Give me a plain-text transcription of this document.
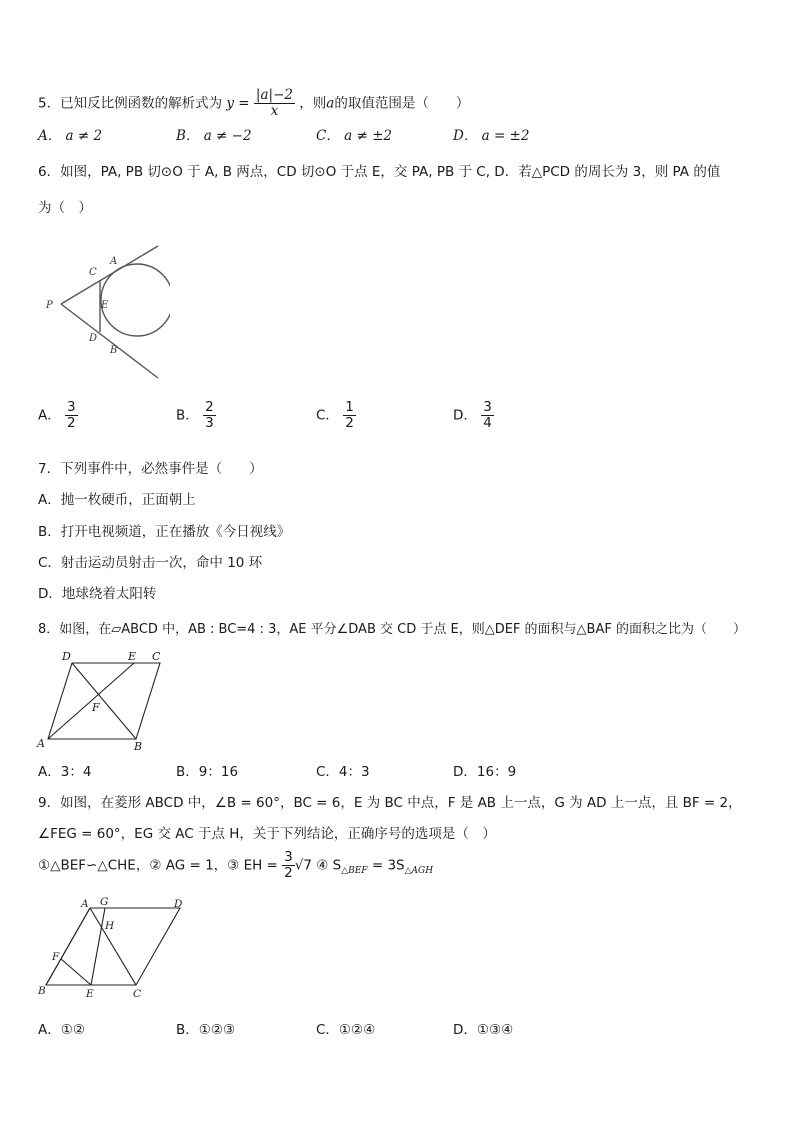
5．已知反比例函数的解析式为 $y = \frac{|a|-2}{x}$ ，则a的取值范围是（　　）
A． a ≠ 2	B． a ≠ −2	C． a ≠ ±2	D． a = ±2
6．如图，PA, PB 切⊙O 于 A, B 两点，CD 切⊙O 于点 E，交 PA, PB 于 C, D．若△PCD 的周长为 3，则 PA 的值
为（　）
P
C
A
E
D
B
A． $\frac{3}{2}$	B． $\frac{2}{3}$	C． $\frac{1}{2}$	D． $\frac{3}{4}$
7．下列事件中，必然事件是（　　）
A．抛一枚硬币，正面朝上
B．打开电视频道，正在播放《今日视线》
C．射击运动员射击一次，命中 10 环
D．地球绕着太阳转
8．如图，在▱ABCD 中，AB : BC=4 : 3，AE 平分∠DAB 交 CD 于点 E，则△DEF 的面积与△BAF 的面积之比为（　　）
D	E C
F
A	B
A．3：4	B．9：16	C．4：3	D．16：9
9．如图，在菱形 ABCD 中，∠B = 60°，BC = 6，E 为 BC 中点，F 是 AB 上一点，G 为 AD 上一点，且 BF = 2，
∠FEG = 60°，EG 交 AC 于点 H，关于下列结论，正确序号的选项是（　）
①△BEF∽△CHE，② AG = 1，③ EH = $\frac{3}{2} √7$ ④ $S_{\triangle BEF} = 3S_{\triangle AGH}$
A G	D
H
F
B	E	C
A．①②	B．①②③	C．①②④	D．①③④
